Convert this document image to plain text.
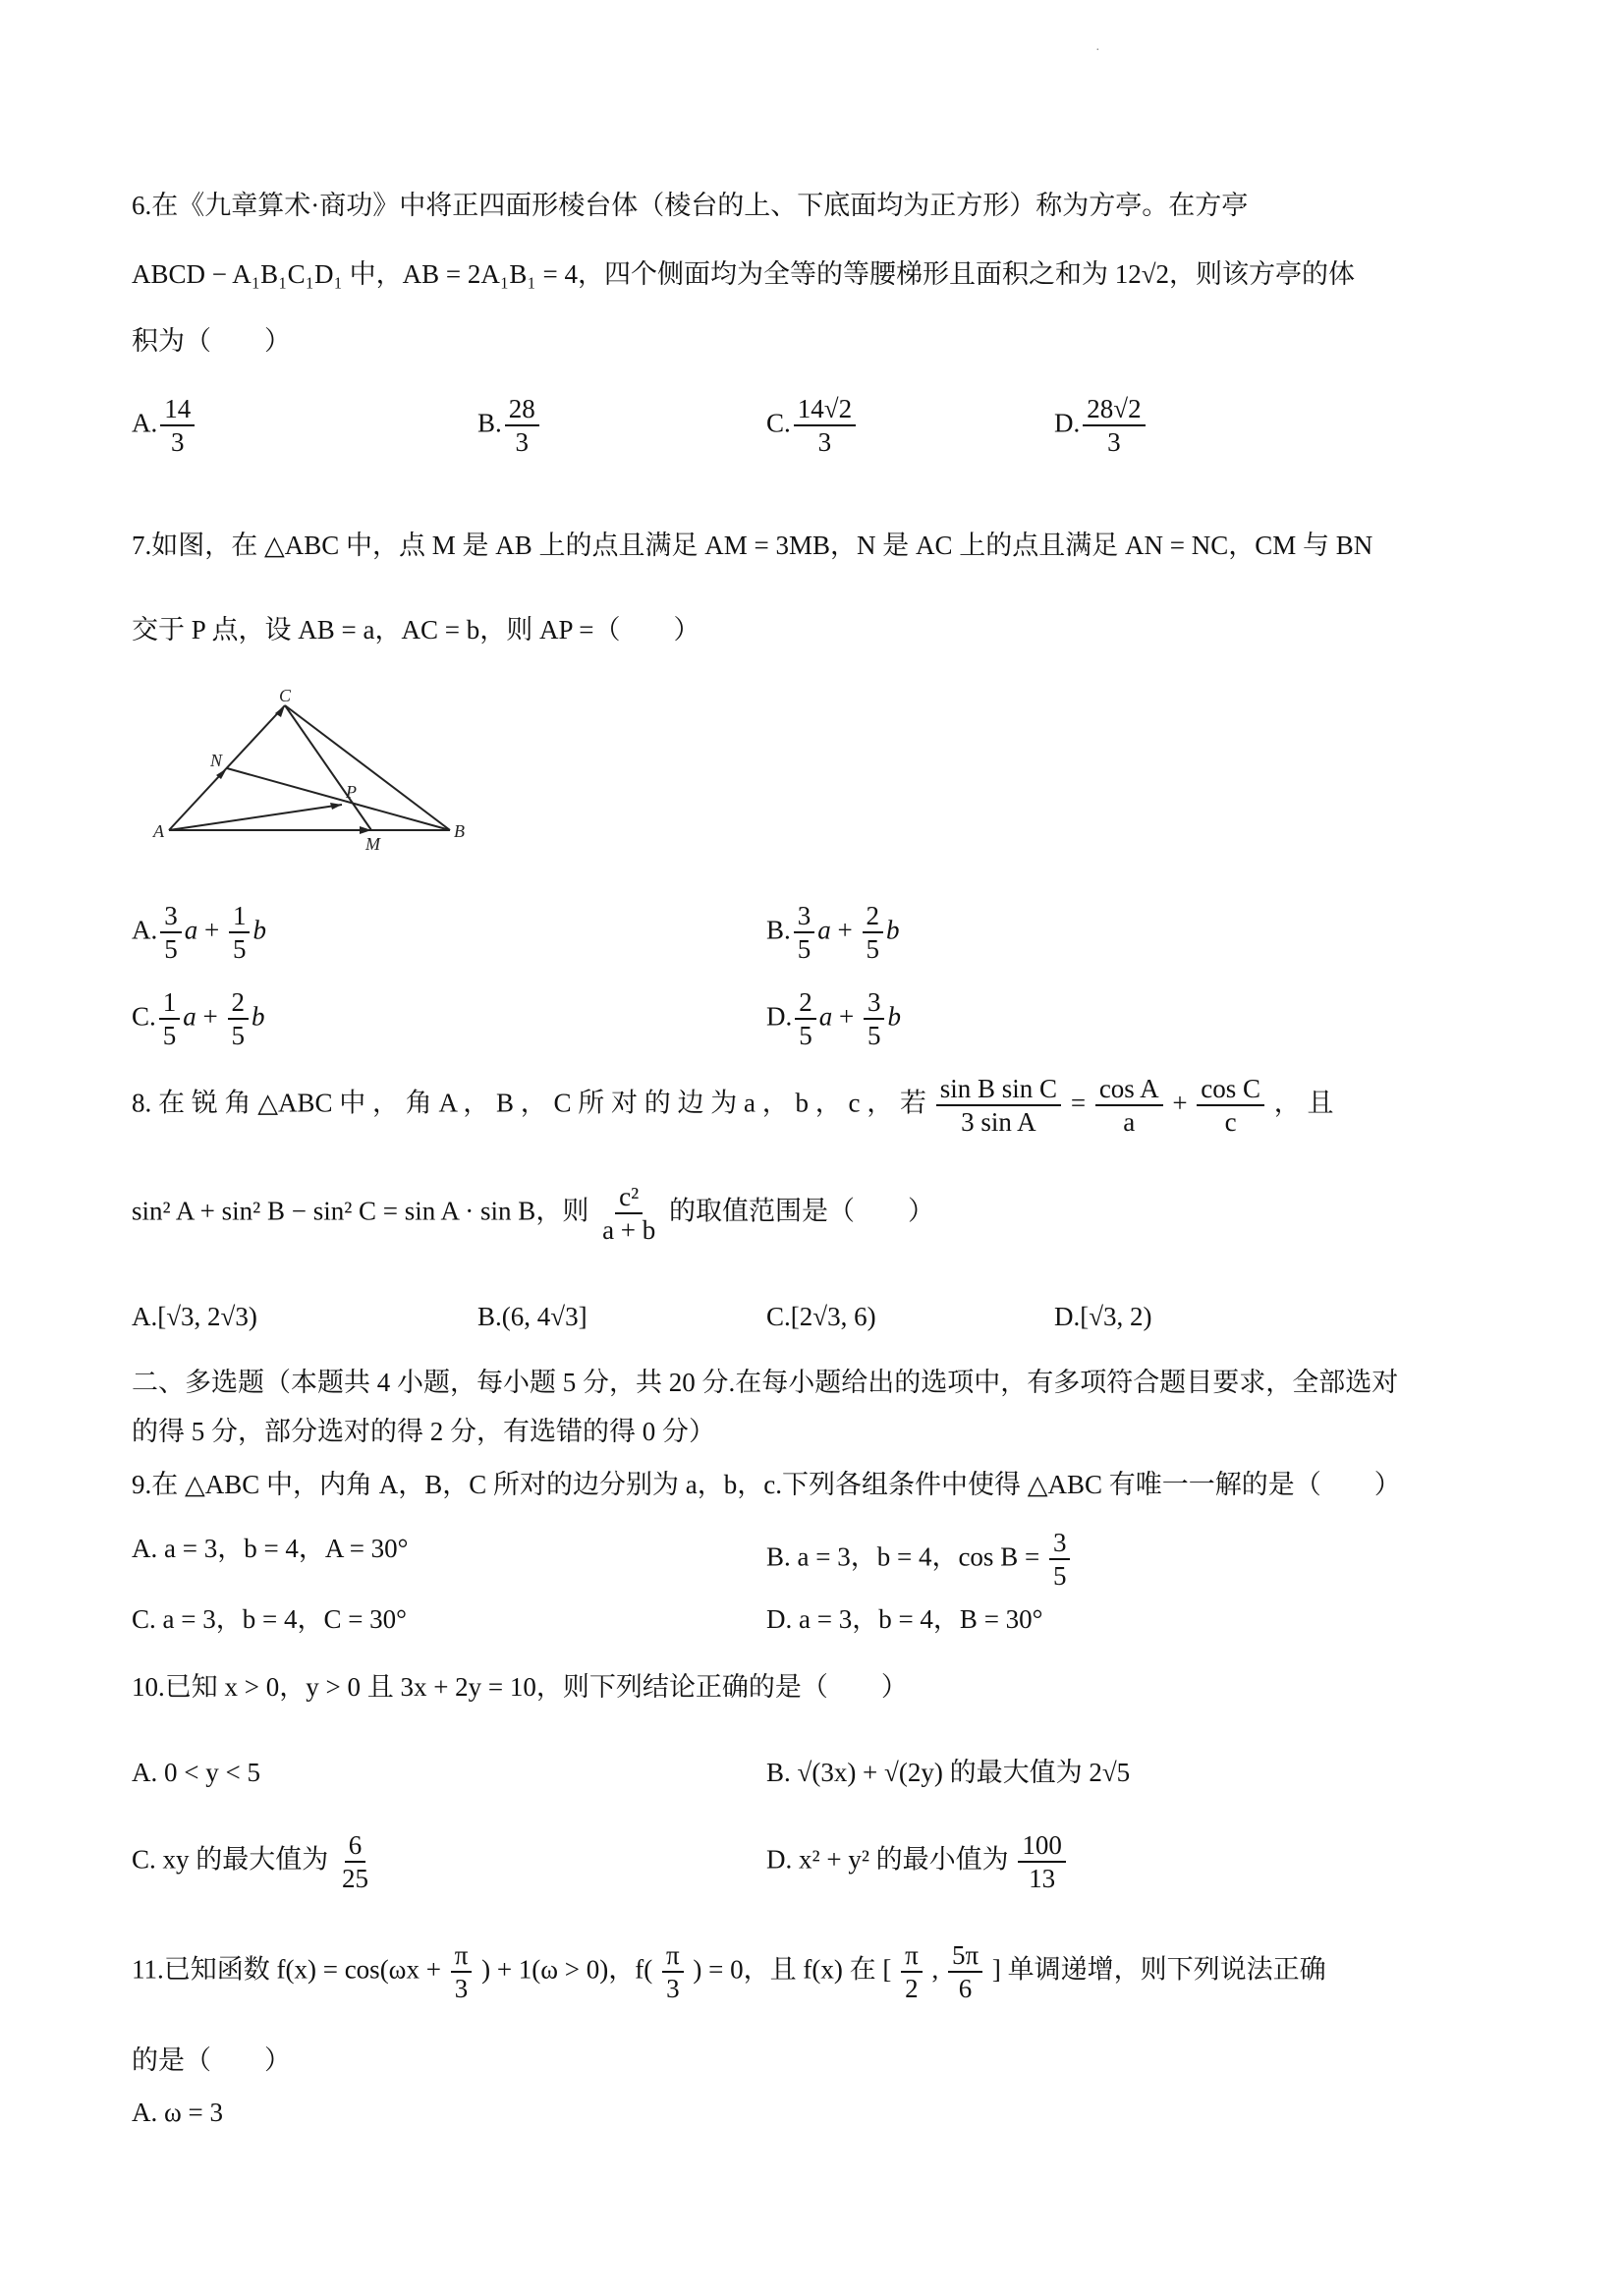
·
6.在《九章算术·商功》中将正四面形棱台体（棱台的上、下底面均为正方形）称为方亭。在方亭
ABCD − A₁B₁C₁D₁ 中，AB = 2A₁B₁ = 4，四个侧面均为全等的等腰梯形且面积之和为 12√2，则该方亭的体
积为（　　）
A. $\frac{14}{3}$	B. $\frac{28}{3}$	C. $\frac{14√2}{3}$	D. $\frac{28√2}{3}$
7.如图，在 △ABC 中，点 M 是 AB 上的点且满足 AM = 3MB，N 是 AC 上的点且满足 AN = NC，CM 与 BN
交于 P 点，设 AB = a，AC = b，则 AP =（　　）
A	B
C
M
N
P
A. $\frac{3}{5}$ $a + \frac{1}{5}$ b	B. $\frac{3}{5}$ $a + \frac{2}{5}$ b
C. $\frac{1}{5}$ $a + \frac{2}{5}$ b	D. $\frac{2}{5}$ $a + \frac{3}{5}$ b
8. 在 锐 角 △ABC 中 ， 角 A ， B ， C 所 对 的 边 为 a ， b ， c ， 若 $\frac{\text{sin B sin C}}{\text{3 sin A}} = \frac{\text{cos A}}{a} + \frac{\text{cos C}}{c}$ ， 且
sin² A + sin² B − sin² C = sin A · sin B，则 $\frac{\text{c²}}{a + b}$ 的取值范围是（　　）
A.[√3, 2√3)	B.(6, 4√3]	C.[2√3, 6)	D.[√3, 2)
二、多选题（本题共 4 小题，每小题 5 分，共 20 分.在每小题给出的选项中，有多项符合题目要求，全部选对
的得 5 分，部分选对的得 2 分，有选错的得 0 分）
9.在 △ABC 中，内角 A，B，C 所对的边分别为 a，b，c.下列各组条件中使得 △ABC 有唯一一解的是（　　）
A. a = 3，b = 4，A = 30°	B. a = 3，b = 4，$\cos B = \frac{3}{5}$
C. a = 3，b = 4，C = 30°	D. a = 3，b = 4，B = 30°
10.已知 x > 0，y > 0 且 3x + 2y = 10，则下列结论正确的是（　　）
A. 0 < y < 5	B. √(3x) + √(2y) 的最大值为 2√5
C. xy 的最大值为 $\frac{6}{25}$	D. x² + y² 的最小值为 $\frac{100}{13}$
11.已知函数 $f(x) = \cos(\omega x + \frac{\pi}{3}$ ) + 1(ω > 0)，$f( \frac{\pi}{3}$ ) = 0，且 f(x) 在 [ $\frac{\pi}{2}$ , $\frac{5\pi}{6}$ ] 单调递增，则下列说法正确
的是（　　）
A. ω = 3
